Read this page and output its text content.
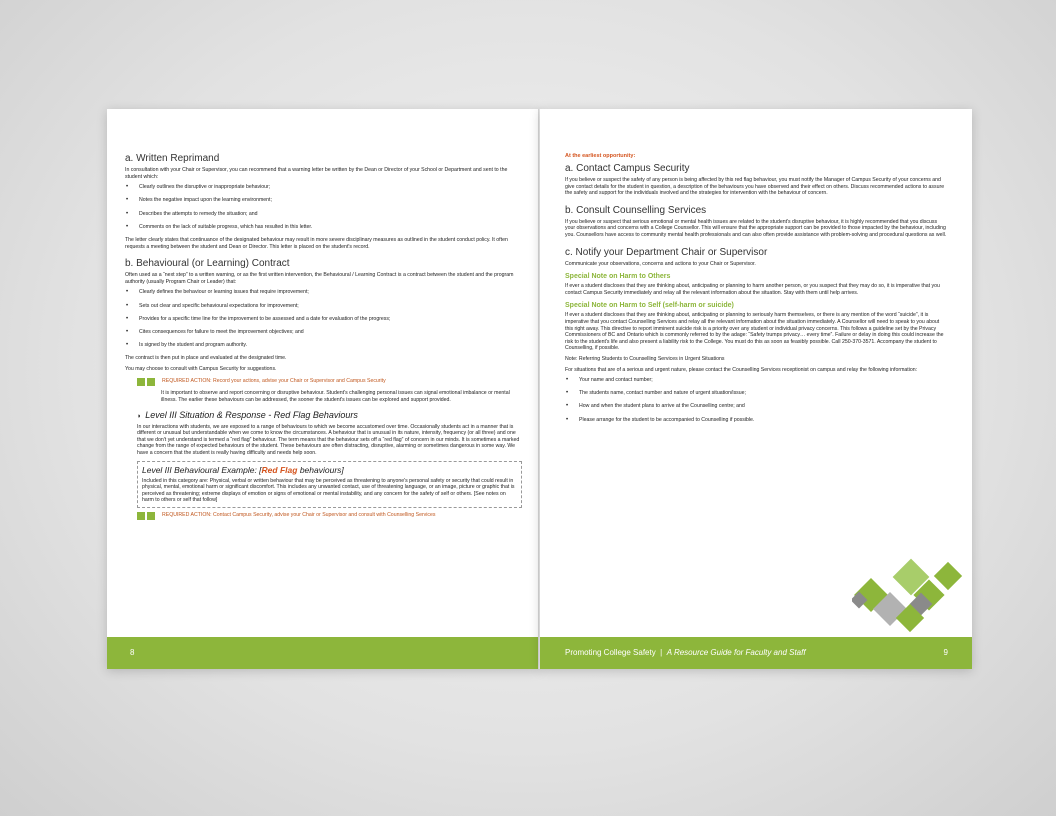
a. Written Reprimand

In consultation with your Chair or Supervisor, you can recommend that a warning letter be written by the Dean or Director of your School or Department and sent to the student which:

• Clearly outlines the disruptive or inappropriate behaviour;
• Notes the negative impact upon the learning environment;
• Describes the attempts to remedy the situation; and
• Comments on the lack of suitable progress, which has resulted in this letter.

The letter clearly states that continuance of the designated behaviour may result in more severe disciplinary measures as outlined in the student conduct policy. It often requests a meeting between the student and Dean or Director. This letter is placed on the student's record.

b. Behavioural (or Learning) Contract

Often used as a “next step” to a written warning, or as the first written intervention, the Behavioural / Learning Contract is a contract between the student and the program authority (usually Program Chair or Leader) that:

• Clearly defines the behaviour or learning issues that require improvement;
• Sets out clear and specific behavioural expectations for improvement;
• Provides for a specific time line for the improvement to be assessed and a date for evaluation of the progress;
• Cites consequences for failure to meet the improvement objectives; and
• Is signed by the student and program authority.

The contract is then put in place and evaluated at the designated time.

You may choose to consult with Campus Security for suggestions.

REQUIRED ACTION: Record your actions, advise your Chair or Supervisor and Campus Security

It is important to observe and report concerning or disruptive behaviour. Student's challenging personal issues can signal emotional imbalance or mental illness. The earlier these behaviours can be addressed, the sooner the student's issues can be explored and support provided.

◗ Level III Situation & Response - Red Flag Behaviours

In our interactions with students, we are exposed to a range of behaviours to which we become accustomed over time. Occasionally students act in a manner that is different or unusual but understandable when we come to know the circumstances. A behaviour that is unusual in its nature, intensity, frequency (or all three) and one that we don't yet understand is termed a “red flag” behaviour. The term means that the behaviour sets off a “red flag” of concern in our minds. It is sometimes a marked change from the range of expected behaviours of the student. These behaviours are often distracting, disruptive, alarming or sometimes dangerous in some way. We have a concern that the student is really having difficulty and needs help soon.

Level III Behavioural Example: [Red Flag behaviours]

Included in this category are: Physical, verbal or written behaviour that may be perceived as threatening to anyone's personal safety or security that could result in physical, mental, emotional harm or significant discomfort. This includes any unwanted contact, use of threatening language, or an image, picture or graphic that is perceived as threatening; extreme displays of emotion or signs of emotional or mental instability, and any concern for the safety of self or others. [See notes on harm to others or self that follow]

REQUIRED ACTION: Contact Campus Security, advise your Chair or Supervisor and consult with Counselling Services
8
At the earliest opportunity:
a. Contact Campus Security

If you believe or suspect the safety of any person is being affected by this red flag behaviour, you must notify the Manager of Campus Security of your concerns and give contact details for the student in question, a description of the behaviours you have observed and their effect on others. Discuss recommended actions to assure the safety and support for the individuals involved and the strategies for intervention with the behaviour of concern.

b. Consult Counselling Services

If you believe or suspect that serious emotional or mental health issues are related to the student's disruptive behaviour, it is highly recommended that you discuss your observations and concerns with a College Counsellor. This will ensure that the appropriate support can be provided to those impacted by the behaviour, including you. Counsellors have access to community mental health professionals and can also often provide assistance with problem-solving and procedural questions as well.

c. Notify your Department Chair or Supervisor

Communicate your observations, concerns and actions to your Chair or Supervisor.

Special Note on Harm to Others

If ever a student discloses that they are thinking about, anticipating or planning to harm another person, or you suspect that they may do so, it is imperative that you contact Campus Security immediately and relay all the relevant information about the situation. Stay with them until help arrives.

Special Note on Harm to Self (self-harm or suicide)

If ever a student discloses that they are thinking about, anticipating or planning to seriously harm themselves, or there is any mention of the word “suicide”, it is imperative that you contact Counselling Services and relay all the relevant information about the situation immediately. A Counsellor will need to speak to you about this right away. This directive to report imminent suicide risk is a priority over any student or individual privacy concerns. This follows a guideline set by the Privacy Commissioners of BC and Ontario which is commonly referred to by the adage: “Safety trumps privacy… every time”. Failure or delay in doing this could increase the risk to the student's life and also present a liability risk to the College. You must do this as soon as feasibly possible. Call 250-370-3571. Accompany the student to Counselling, if possible.

Note: Referring Students to Counselling Services in Urgent Situations

For situations that are of a serious and urgent nature, please contact the Counselling Services receptionist on campus and relay the following information:

• Your name and contact number;
• The students name, contact number and nature of urgent situation/issue;
• How and when the student plans to arrive at the Counselling centre; and
• Please arrange for the student to be accompanied to Counselling if possible.
Promoting College Safety  |  A Resource Guide for Faculty and Staff	9
